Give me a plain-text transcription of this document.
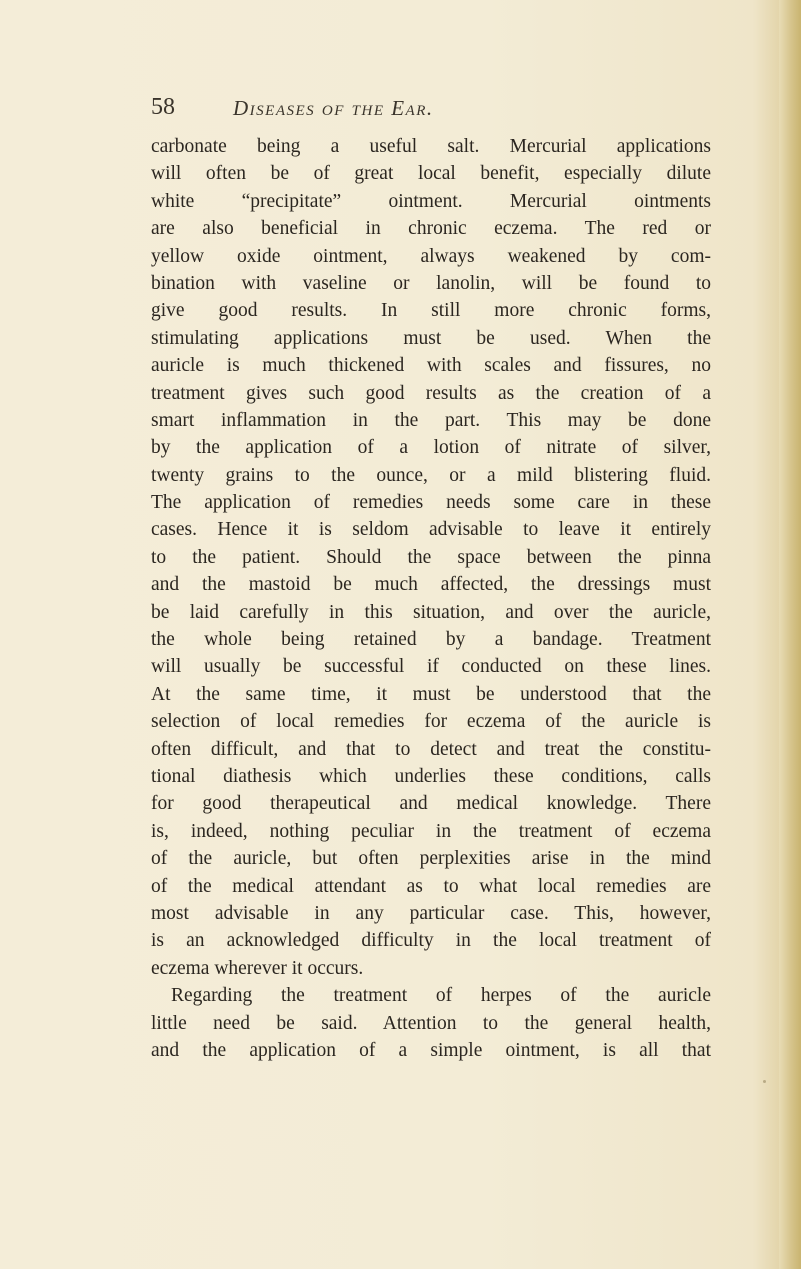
58	Diseases of the Ear.
carbonate being a useful salt. Mercurial applications
will often be of great local benefit, especially dilute
white “precipitate” ointment. Mercurial ointments
are also beneficial in chronic eczema. The red or
yellow oxide ointment, always weakened by com-
bination with vaseline or lanolin, will be found to
give good results. In still more chronic forms,
stimulating applications must be used. When the
auricle is much thickened with scales and fissures, no
treatment gives such good results as the creation of a
smart inflammation in the part. This may be done
by the application of a lotion of nitrate of silver,
twenty grains to the ounce, or a mild blistering fluid.
The application of remedies needs some care in these
cases. Hence it is seldom advisable to leave it entirely
to the patient. Should the space between the pinna
and the mastoid be much affected, the dressings must
be laid carefully in this situation, and over the auricle,
the whole being retained by a bandage. Treatment
will usually be successful if conducted on these lines.
At the same time, it must be understood that the
selection of local remedies for eczema of the auricle is
often difficult, and that to detect and treat the constitu-
tional diathesis which underlies these conditions, calls
for good therapeutical and medical knowledge. There
is, indeed, nothing peculiar in the treatment of eczema
of the auricle, but often perplexities arise in the mind
of the medical attendant as to what local remedies are
most advisable in any particular case. This, however,
is an acknowledged difficulty in the local treatment of
eczema wherever it occurs.
Regarding the treatment of herpes of the auricle
little need be said. Attention to the general health,
and the application of a simple ointment, is all that
